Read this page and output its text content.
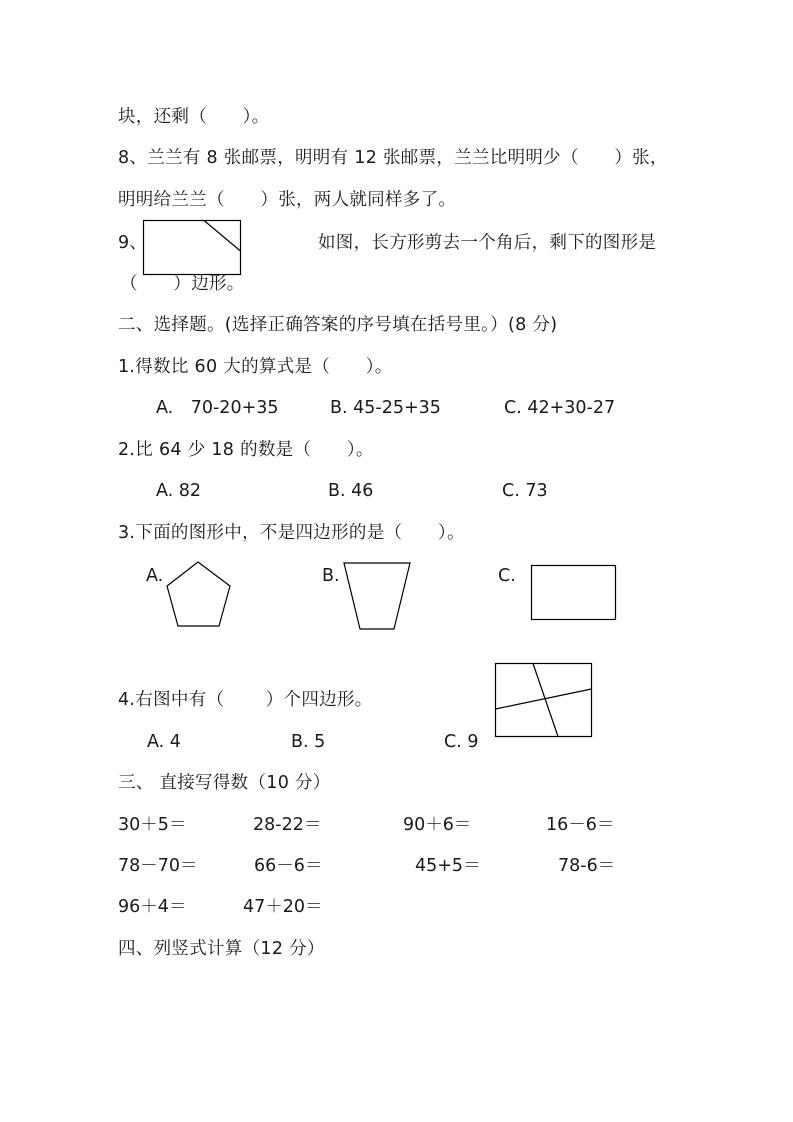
块，还剩（　　）。
8、兰兰有 8 张邮票，明明有 12 张邮票，兰兰比明明少（　　）张，
明明给兰兰（　　）张，两人就同样多了。
9、	如图，长方形剪去一个角后，剩下的图形是
（　　）边形。
二、选择题。(选择正确答案的序号填在括号里。）(8 分)
1.得数比 60 大的算式是（　　）。
A.　70-20+35	B. 45-25+35	C. 42+30-27
2.比 64 少 18 的数是（　　）。
A. 82	B. 46	C. 73
3.下面的图形中，不是四边形的是（　　）。
A.	B.	C.
4.右图中有（　　 ）个四边形。
A. 4	B. 5	C. 9
三、 直接写得数（10 分）
30＋5＝	28-22＝	90＋6＝	16－6＝
78－70＝	66－6＝	45+5＝	78-6＝
96＋4＝	47＋20＝
四、列竖式计算（12 分）
